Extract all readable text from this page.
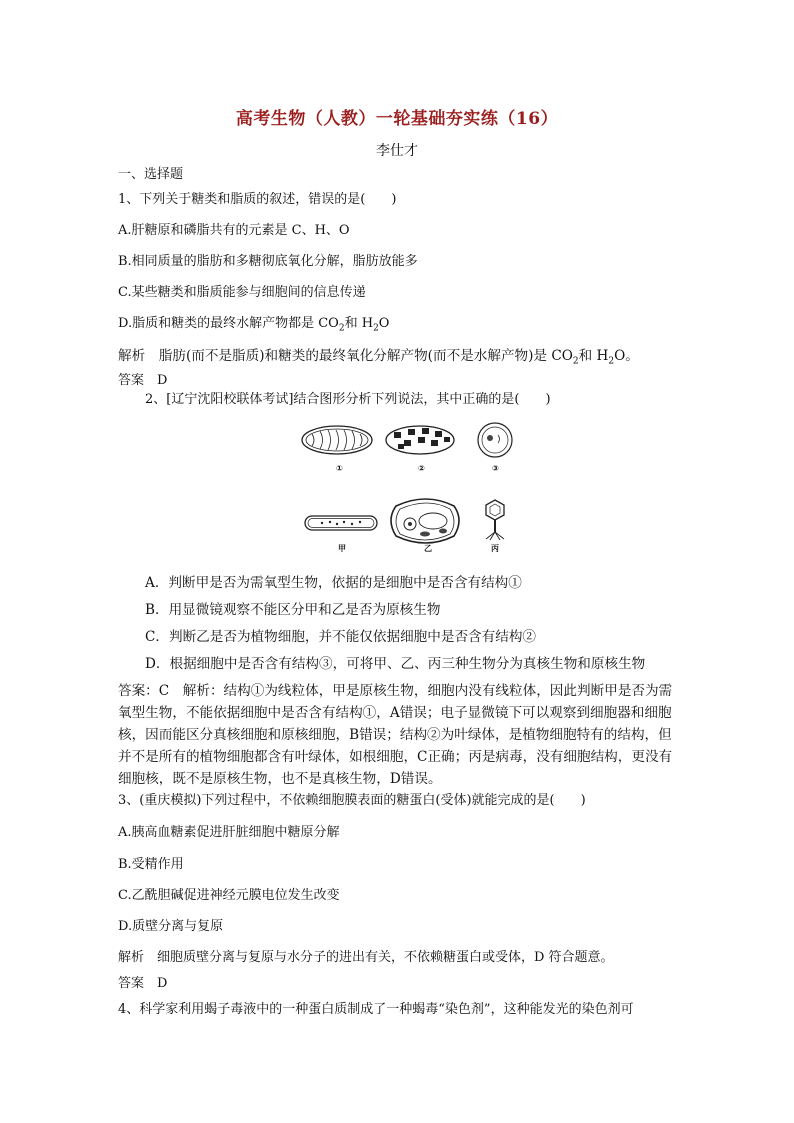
高考生物（人教）一轮基础夯实练（16）
李仕才
一、选择题
1、下列关于糖类和脂质的叙述，错误的是(　　)
A.肝糖原和磷脂共有的元素是 C、H、O
B.相同质量的脂肪和多糖彻底氧化分解，脂肪放能多
C.某些糖类和脂质能参与细胞间的信息传递
D.脂质和糖类的最终水解产物都是 $CO_2$和 $H_2O$
解析　脂肪(而不是脂质)和糖类的最终氧化分解产物(而不是水解产物)是 $CO_2$和 $H_2O$。
答案　D
2、[辽宁沈阳校联体考试]结合图形分析下列说法，其中正确的是(　　)
①	②	③
甲	乙	丙
A．判断甲是否为需氧型生物，依据的是细胞中是否含有结构①
B．用显微镜观察不能区分甲和乙是否为原核生物
C．判断乙是否为植物细胞，并不能仅依据细胞中是否含有结构②
D．根据细胞中是否含有结构③，可将甲、乙、丙三种生物分为真核生物和原核生物
答案：C　解析：结构①为线粒体，甲是原核生物，细胞内没有线粒体，因此判断甲是否为需氧型生物，不能依据细胞中是否含有结构①，A错误；电子显微镜下可以观察到细胞器和细胞核，因而能区分真核细胞和原核细胞，B错误；结构②为叶绿体，是植物细胞特有的结构，但并不是所有的植物细胞都含有叶绿体，如根细胞，C正确；丙是病毒，没有细胞结构，更没有细胞核，既不是原核生物，也不是真核生物，D错误。
3、(重庆模拟)下列过程中，不依赖细胞膜表面的糖蛋白(受体)就能完成的是(　　)
A.胰高血糖素促进肝脏细胞中糖原分解
B.受精作用
C.乙酰胆碱促进神经元膜电位发生改变
D.质壁分离与复原
解析　细胞质壁分离与复原与水分子的进出有关，不依赖糖蛋白或受体，D 符合题意。
答案　D
4、科学家利用蝎子毒液中的一种蛋白质制成了一种蝎毒“染色剂”，这种能发光的染色剂可
